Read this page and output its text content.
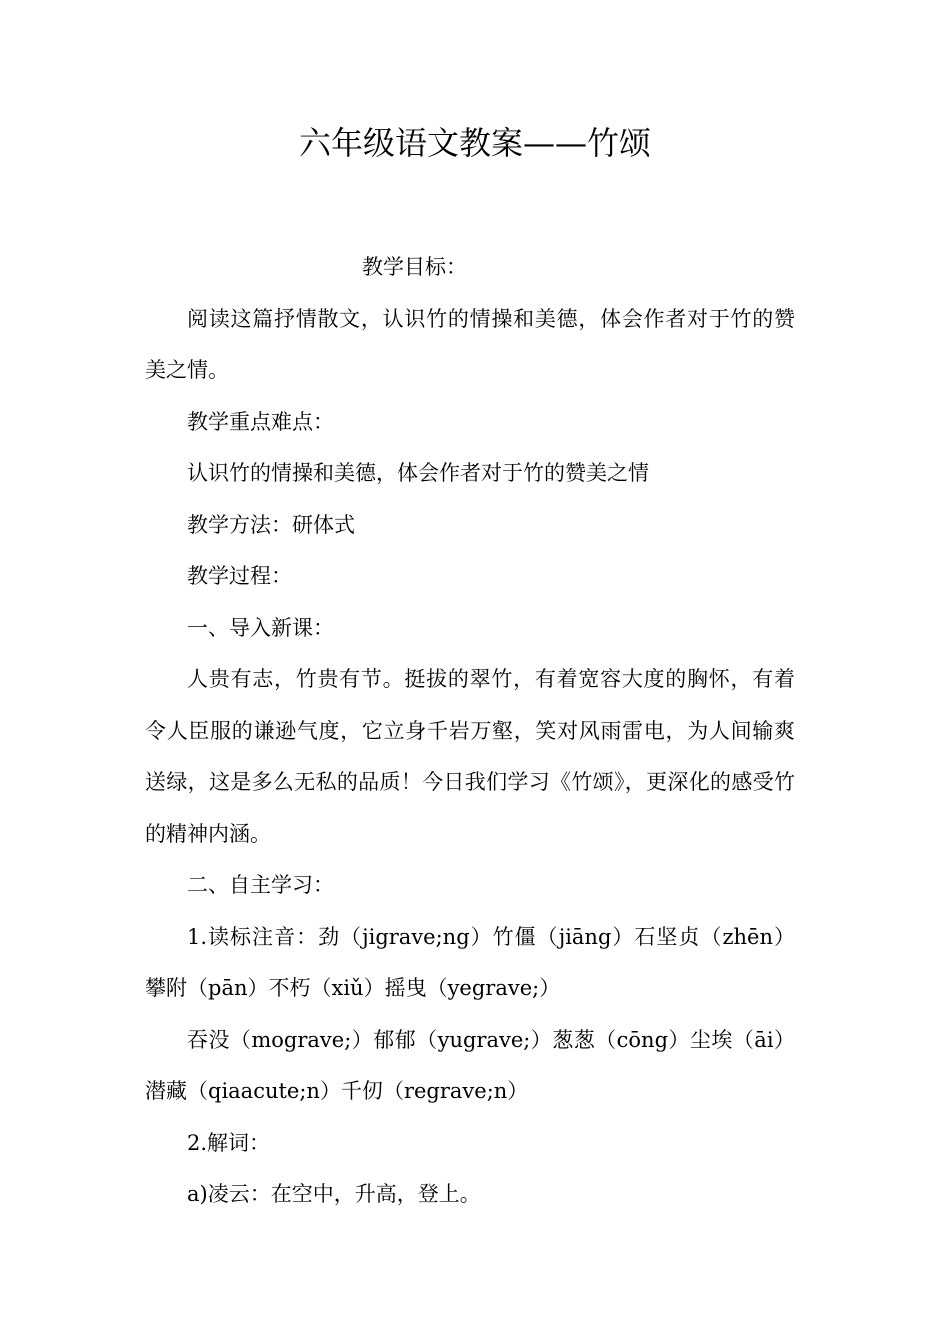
六年级语文教案——竹颂

教学目标：

阅读这篇抒情散文，认识竹的情操和美德，体会作者对于竹的赞美之情。

教学重点难点：

认识竹的情操和美德，体会作者对于竹的赞美之情

教学方法：研体式

教学过程：

一、导入新课：

人贵有志，竹贵有节。挺拔的翠竹，有着宽容大度的胸怀，有着令人臣服的谦逊气度，它立身千岩万壑，笑对风雨雷电，为人间输爽送绿，这是多么无私的品质！今日我们学习《竹颂》，更深化的感受竹的精神内涵。

二、自主学习：

1.读标注音：劲（jigrave;ng）竹僵（jiāng）石坚贞（zhēn）攀附（pān）不朽（xiǔ）摇曳（yegrave;）

吞没（mograve;）郁郁（yugrave;）葱葱（cōng）尘埃（āi）潜藏（qiaacute;n）千仞（regrave;n）

2.解词：

a)凌云：在空中，升高，登上。
